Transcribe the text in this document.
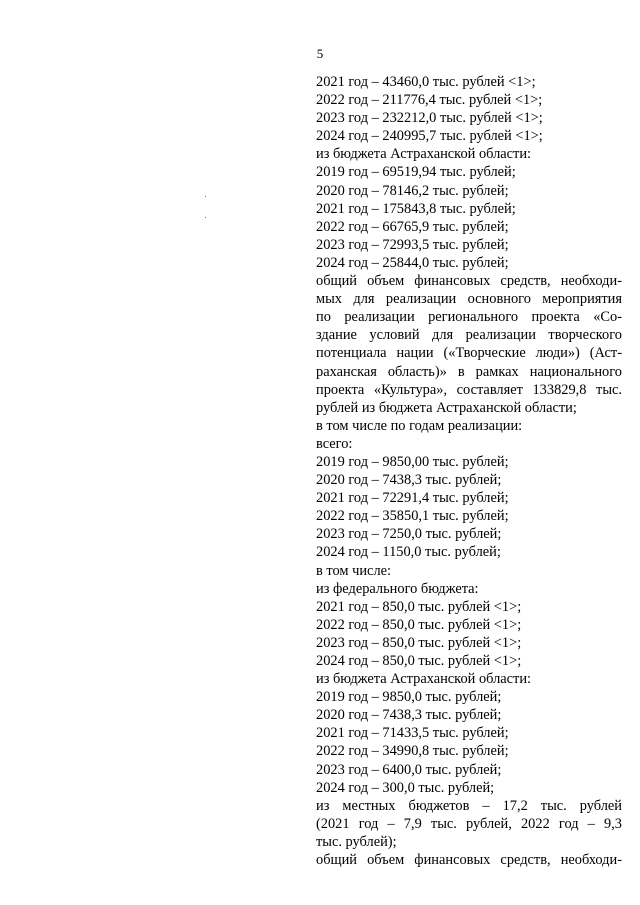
5
2021 год – 43460,0 тыс. рублей <1>;
2022 год – 211776,4 тыс. рублей <1>;
2023 год – 232212,0 тыс. рублей <1>;
2024 год – 240995,7 тыс. рублей <1>;
из бюджета Астраханской области:
2019 год – 69519,94 тыс. рублей;
2020 год – 78146,2 тыс. рублей;
2021 год – 175843,8 тыс. рублей;
2022 год – 66765,9 тыс. рублей;
2023 год – 72993,5 тыс. рублей;
2024 год – 25844,0 тыс. рублей;
общий объем финансовых средств, необходи-
мых для реализации основного мероприятия
по реализации регионального проекта «Со-
здание условий для реализации творческого
потенциала нации («Творческие люди») (Аст-
раханская область)» в рамках национального
проекта «Культура», составляет 133829,8 тыс.
рублей из бюджета Астраханской области;
в том числе по годам реализации:
всего:
2019 год – 9850,00 тыс. рублей;
2020 год – 7438,3 тыс. рублей;
2021 год – 72291,4 тыс. рублей;
2022 год – 35850,1 тыс. рублей;
2023 год – 7250,0 тыс. рублей;
2024 год – 1150,0 тыс. рублей;
в том числе:
из федерального бюджета:
2021 год – 850,0 тыс. рублей <1>;
2022 год – 850,0 тыс. рублей <1>;
2023 год – 850,0 тыс. рублей <1>;
2024 год – 850,0 тыс. рублей <1>;
из бюджета Астраханской области:
2019 год – 9850,0 тыс. рублей;
2020 год – 7438,3 тыс. рублей;
2021 год – 71433,5 тыс. рублей;
2022 год – 34990,8 тыс. рублей;
2023 год – 6400,0 тыс. рублей;
2024 год – 300,0 тыс. рублей;
из местных бюджетов – 17,2 тыс. рублей
(2021 год – 7,9 тыс. рублей, 2022 год – 9,3
тыс. рублей);
общий объем финансовых средств, необходи-
